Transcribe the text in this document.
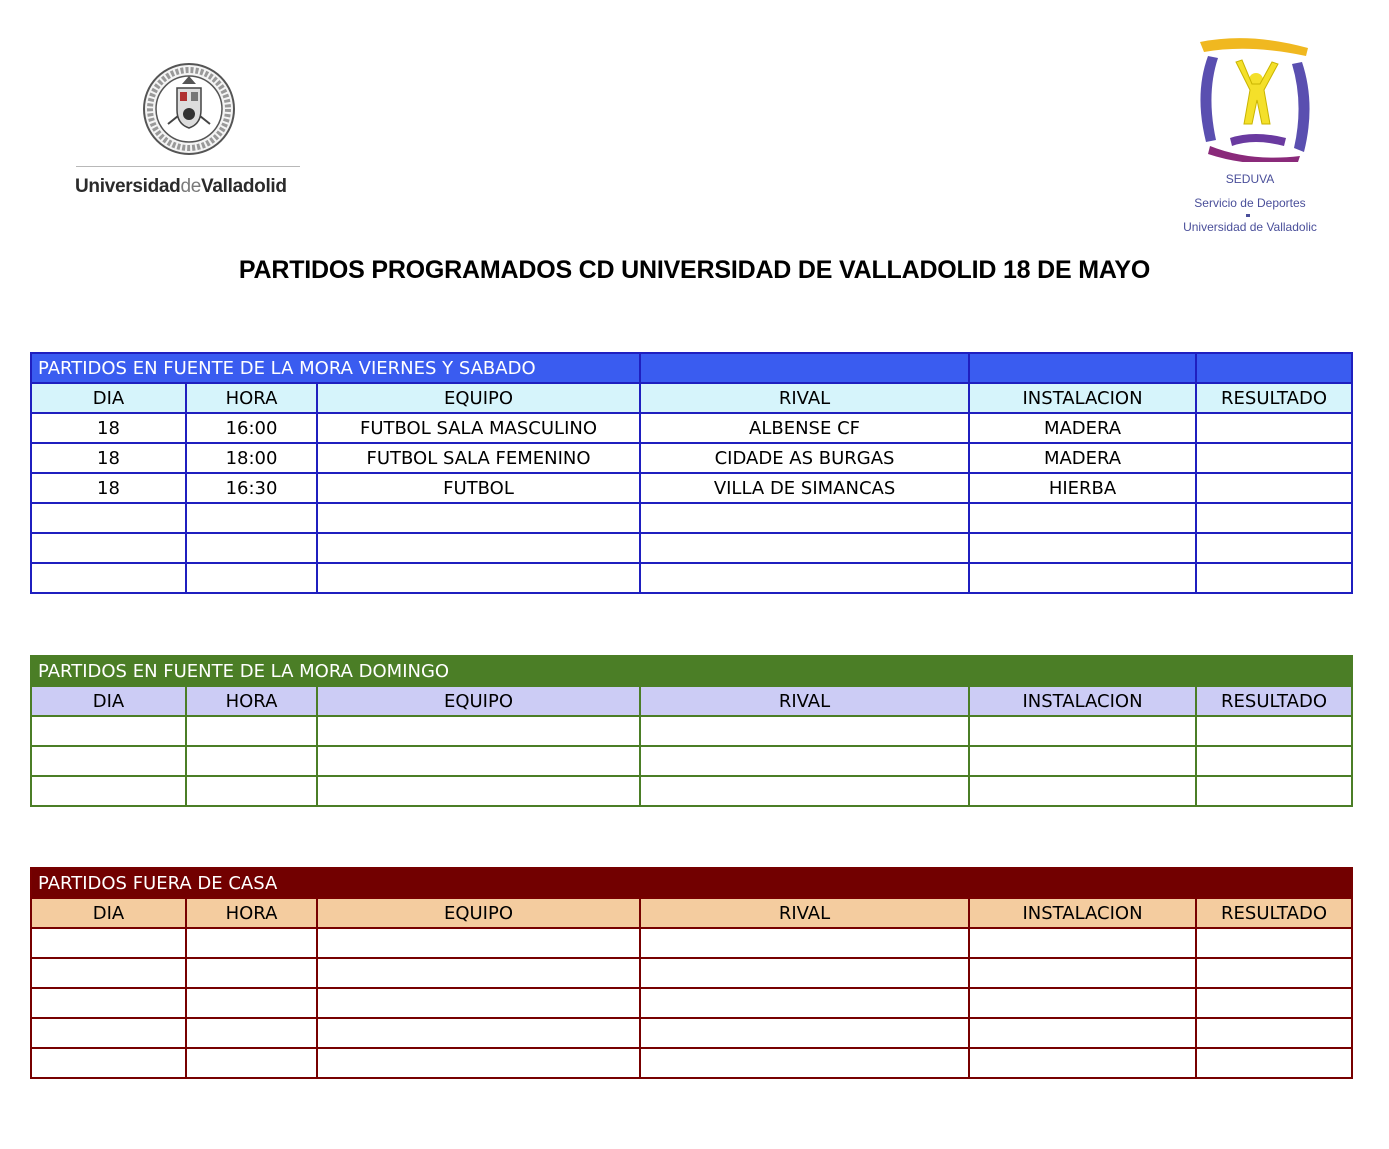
UniversidaddeValladolid	SEDUVA
Servicio de Deportes
Universidad de Valladolic
PARTIDOS PROGRAMADOS CD UNIVERSIDAD DE VALLADOLID 18 DE MAYO
PARTIDOS EN FUENTE DE LA MORA VIERNES Y SABADO					
DIA	HORA	EQUIPO	RIVAL	INSTALACION	RESULTADO
18	16:00	FUTBOL SALA MASCULINO	ALBENSE CF	MADERA	
18	18:00	FUTBOL SALA FEMENINO	CIDADE AS BURGAS	MADERA	
18	16:30	FUTBOL	VILLA DE SIMANCAS	HIERBA	

PARTIDOS EN FUENTE DE LA MORA DOMINGO					
DIA	HORA	EQUIPO	RIVAL	INSTALACION	RESULTADO

PARTIDOS FUERA DE CASA					
DIA	HORA	EQUIPO	RIVAL	INSTALACION	RESULTADO
